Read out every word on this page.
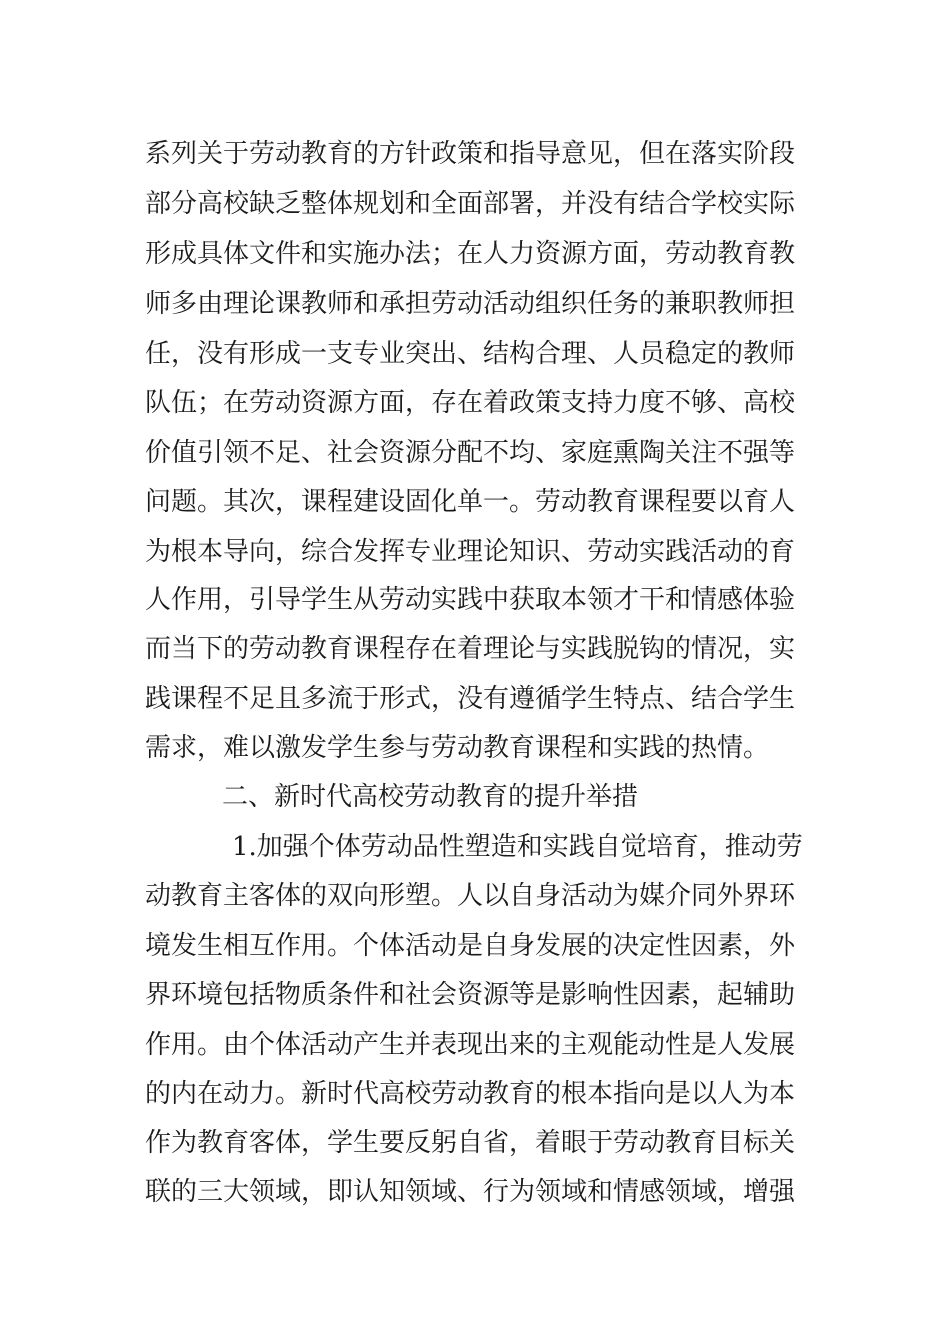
系列关于劳动教育的方针政策和指导意见，但在落实阶段
部分高校缺乏整体规划和全面部署，并没有结合学校实际
形成具体文件和实施办法；在人力资源方面，劳动教育教
师多由理论课教师和承担劳动活动组织任务的兼职教师担
任，没有形成一支专业突出、结构合理、人员稳定的教师
队伍；在劳动资源方面，存在着政策支持力度不够、高校
价值引领不足、社会资源分配不均、家庭熏陶关注不强等
问题。其次，课程建设固化单一。劳动教育课程要以育人
为根本导向，综合发挥专业理论知识、劳动实践活动的育
人作用，引导学生从劳动实践中获取本领才干和情感体验
而当下的劳动教育课程存在着理论与实践脱钩的情况，实
践课程不足且多流于形式，没有遵循学生特点、结合学生
需求，难以激发学生参与劳动教育课程和实践的热情。
二、新时代高校劳动教育的提升举措
1.加强个体劳动品性塑造和实践自觉培育，推动劳
动教育主客体的双向形塑。人以自身活动为媒介同外界环
境发生相互作用。个体活动是自身发展的决定性因素，外
界环境包括物质条件和社会资源等是影响性因素，起辅助
作用。由个体活动产生并表现出来的主观能动性是人发展
的内在动力。新时代高校劳动教育的根本指向是以人为本
作为教育客体，学生要反躬自省，着眼于劳动教育目标关
联的三大领域，即认知领域、行为领域和情感领域，增强
